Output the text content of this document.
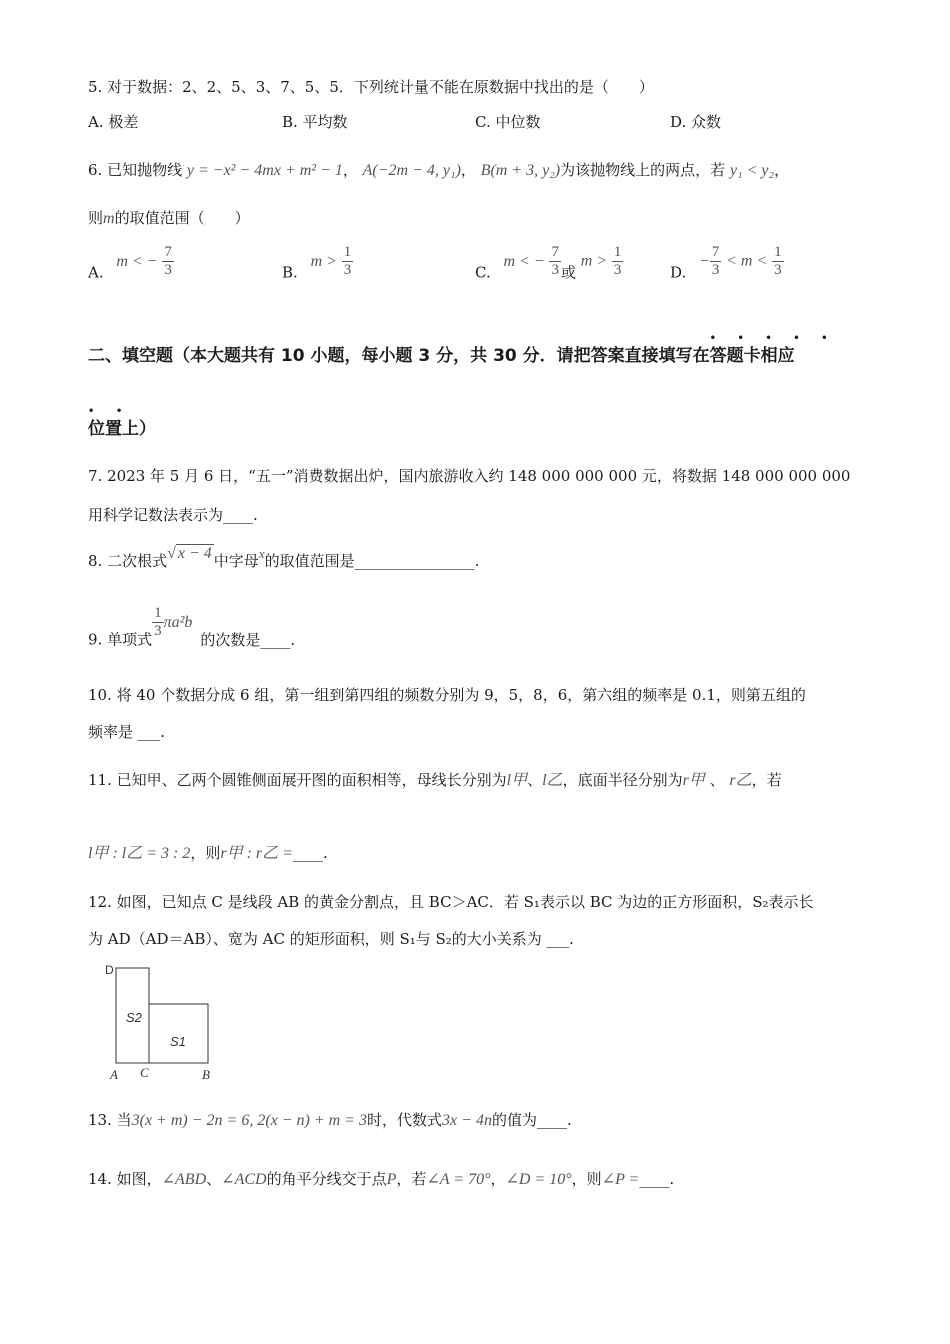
5. 对于数据：2、2、5、3、7、5、5．下列统计量不能在原数据中找出的是（　　）
A. 极差	B. 平均数	C. 中位数	D. 众数
6. 已知抛物线 y = −x² − 4mx + m² − 1， A(−2m − 4, y₁)， B(m + 3, y₂)为该抛物线上的两点，若 y₁ < y₂，
则m的取值范围（　　）
A. m < − $\frac{7}{3}$	B. $m > \frac{1}{3}$	C. m < − $\frac{7}{3}$ 或 $m > \frac{1}{3}$	D. − $\frac{7}{3} < m < \frac{1}{3}$
二、填空题（本大题共有 10 小题，每小题 3 分，共 30 分．请把答案直接填写在
• • • • •
答题卡相应
• •
位置上）
7. 2023 年 5 月 6 日，“五一”消费数据出炉，国内旅游收入约 148 000 000 000 元，将数据 148 000 000 000
用科学记数法表示为____.
8. 二次根式√ x − 4 中字母x的取值范围是________________.
9. 单项式 $\frac{1}{3} \pi a^2b$的次数是____.
10. 将 40 个数据分成 6 组，第一组到第四组的频数分别为 9，5，8，6，第六组的频率是 0.1，则第五组的
频率是 ___.
11. 已知甲、乙两个圆锥侧面展开图的面积相等，母线长分别为l甲、l乙，底面半径分别为r甲 、 r乙，若
l甲 : l乙 = 3 : 2，则r甲 : r乙 =____.
12. 如图，已知点 C 是线段 AB 的黄金分割点，且 BC＞AC．若 S₁表示以 BC 为边的正方形面积，S₂表示长
为 AD（AD＝AB）、宽为 AC 的矩形面积，则 S₁与 S₂的大小关系为 ___.
D
S2
S1
A C	B
13. 当3(x + m) − 2n = 6, 2(x − n) + m = 3时，代数式3x − 4n的值为____.
14. 如图，∠ABD、∠ACD的角平分线交于点P，若∠A = 70°，∠D = 10°，则∠P =____.
